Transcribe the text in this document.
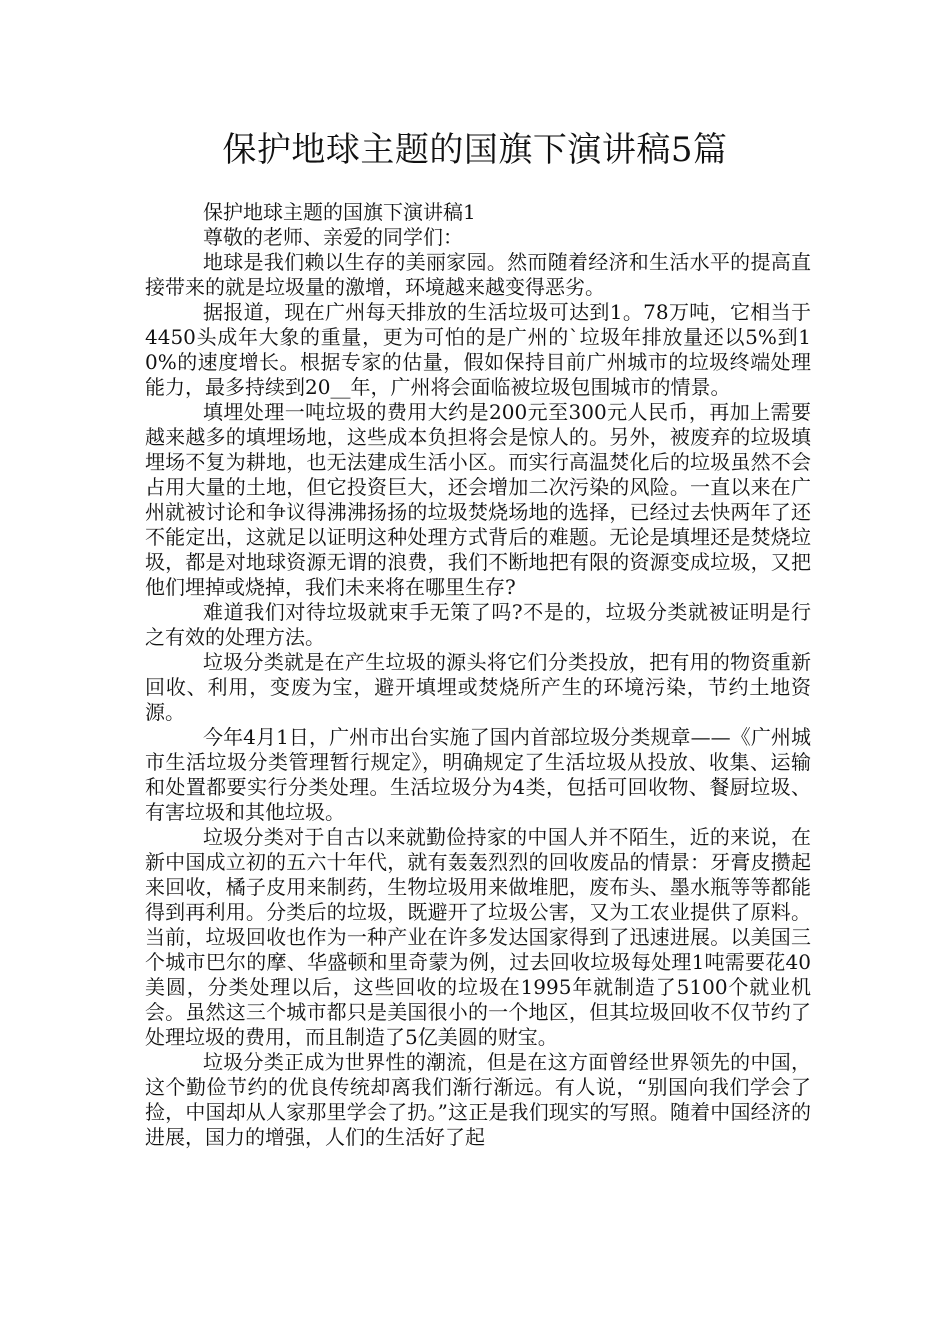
保护地球主题的国旗下演讲稿5篇

保护地球主题的国旗下演讲稿1

尊敬的老师、亲爱的同学们：

地球是我们赖以生存的美丽家园。然而随着经济和生活水平的提高直接带来的就是垃圾量的激增，环境越来越变得恶劣。

据报道，现在广州每天排放的生活垃圾可达到1。78万吨，它相当于4450头成年大象的重量，更为可怕的是广州的`垃圾年排放量还以5%到10%的速度增长。根据专家的估量，假如保持目前广州城市的垃圾终端处理能力，最多持续到20__年，广州将会面临被垃圾包围城市的情景。

填埋处理一吨垃圾的费用大约是200元至300元人民币，再加上需要越来越多的填埋场地，这些成本负担将会是惊人的。另外，被废弃的垃圾填埋场不复为耕地，也无法建成生活小区。而实行高温焚化后的垃圾虽然不会占用大量的土地，但它投资巨大，还会增加二次污染的风险。一直以来在广州就被讨论和争议得沸沸扬扬的垃圾焚烧场地的选择，已经过去快两年了还不能定出，这就足以证明这种处理方式背后的难题。无论是填埋还是焚烧垃圾，都是对地球资源无谓的浪费，我们不断地把有限的资源变成垃圾，又把他们埋掉或烧掉，我们未来将在哪里生存?

难道我们对待垃圾就束手无策了吗?不是的，垃圾分类就被证明是行之有效的处理方法。

垃圾分类就是在产生垃圾的源头将它们分类投放，把有用的物资重新回收、利用，变废为宝，避开填埋或焚烧所产生的环境污染，节约土地资源。

今年4月1日，广州市出台实施了国内首部垃圾分类规章——《广州城市生活垃圾分类管理暂行规定》，明确规定了生活垃圾从投放、收集、运输和处置都要实行分类处理。生活垃圾分为4类，包括可回收物、餐厨垃圾、有害垃圾和其他垃圾。

垃圾分类对于自古以来就勤俭持家的中国人并不陌生，近的来说，在新中国成立初的五六十年代，就有轰轰烈烈的回收废品的情景：牙膏皮攒起来回收，橘子皮用来制药，生物垃圾用来做堆肥，废布头、墨水瓶等等都能得到再利用。分类后的垃圾，既避开了垃圾公害，又为工农业提供了原料。当前，垃圾回收也作为一种产业在许多发达国家得到了迅速进展。以美国三个城市巴尔的摩、华盛顿和里奇蒙为例，过去回收垃圾每处理1吨需要花40美圆，分类处理以后，这些回收的垃圾在1995年就制造了5100个就业机会。虽然这三个城市都只是美国很小的一个地区，但其垃圾回收不仅节约了处理垃圾的费用，而且制造了5亿美圆的财宝。

垃圾分类正成为世界性的潮流，但是在这方面曾经世界领先的中国，这个勤俭节约的优良传统却离我们渐行渐远。有人说，“别国向我们学会了捡，中国却从人家那里学会了扔。”这正是我们现实的写照。随着中国经济的进展，国力的增强，人们的生活好了起
